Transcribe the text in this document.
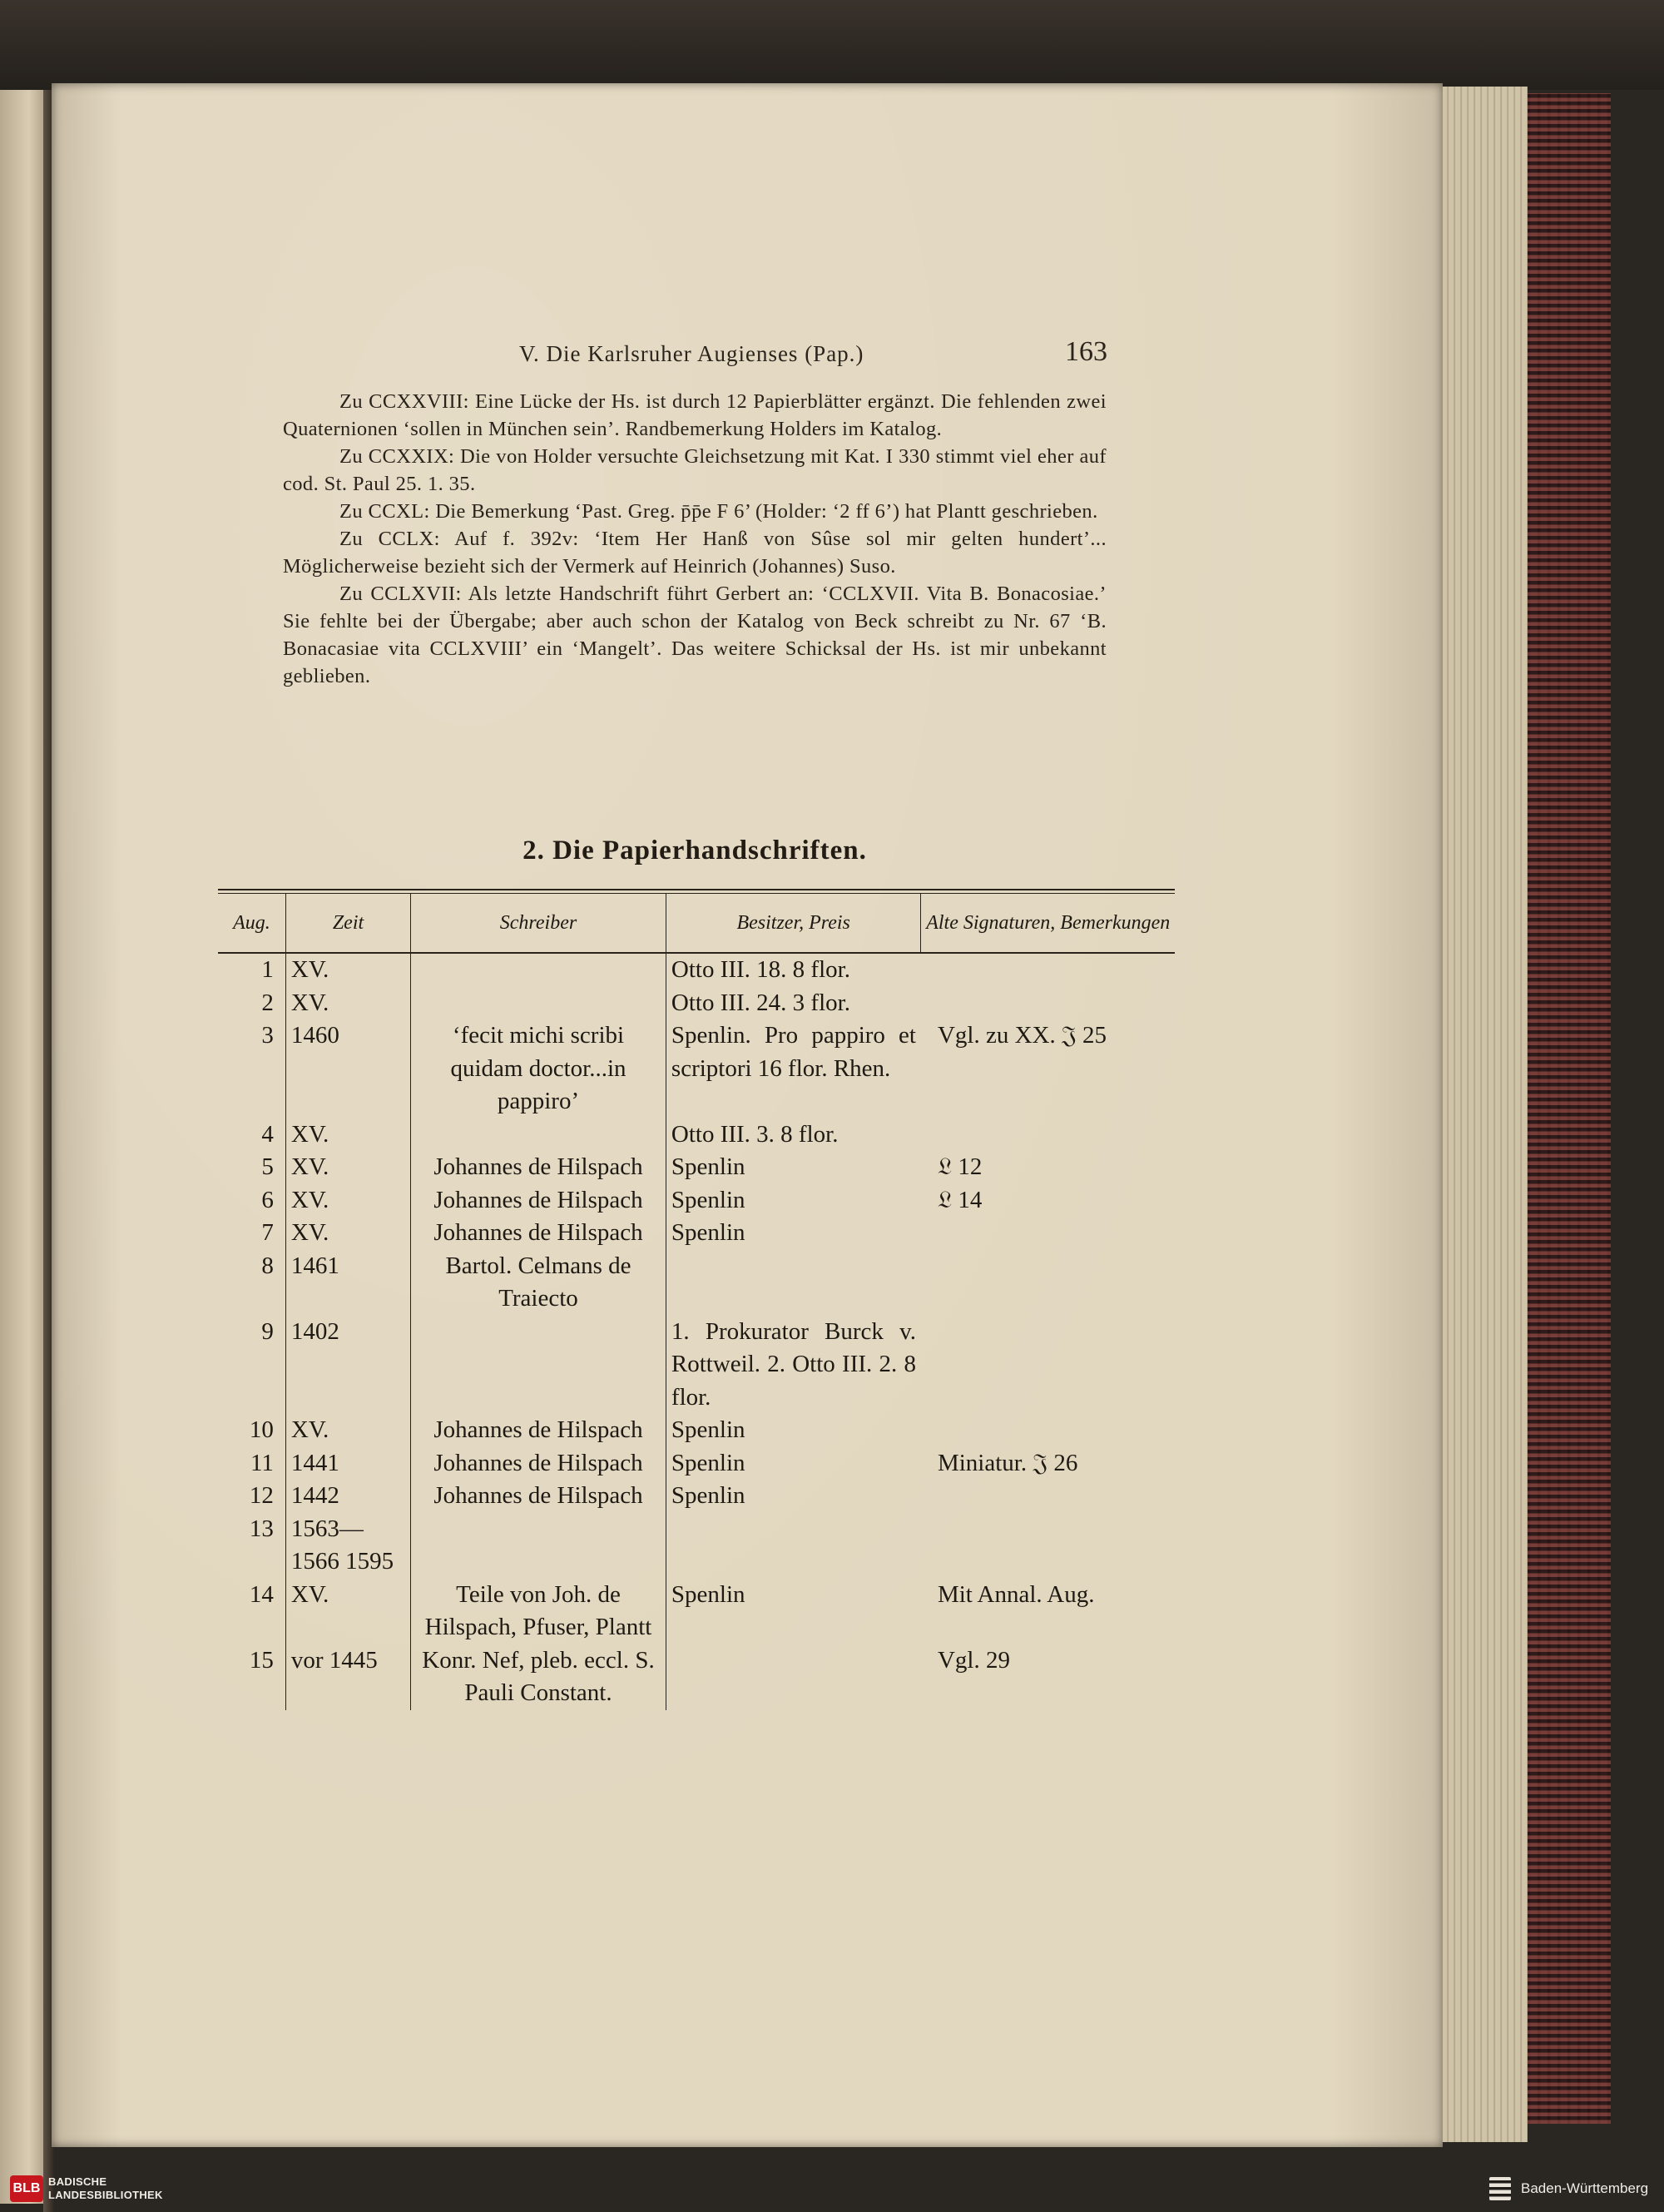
V. Die Karlsruher Augienses (Pap.)	163

Zu CCXXVIII: Eine Lücke der Hs. ist durch 12 Papierblätter ergänzt. Die fehlenden zwei Quaternionen ‘sollen in München sein’. Randbemerkung Holders im Katalog.

Zu CCXXIX: Die von Holder versuchte Gleichsetzung mit Kat. I 330 stimmt viel eher auf cod. St. Paul 25. 1. 35.

Zu CCXL: Die Bemerkung ‘Past. Greg. p̄p̄e F 6’ (Holder: ‘2 ff 6’) hat Plantt geschrieben.

Zu CCLX: Auf f. 392v: ‘Item Her Hanß von Sûse sol mir gelten hundert’... Möglicherweise bezieht sich der Vermerk auf Heinrich (Johannes) Suso.

Zu CCLXVII: Als letzte Handschrift führt Gerbert an: ‘CCLXVII. Vita B. Bonacosiae.’ Sie fehlte bei der Übergabe; aber auch schon der Katalog von Beck schreibt zu Nr. 67 ‘B. Bonacasiae vita CCLXVIII’ ein ‘Mangelt’. Das weitere Schicksal der Hs. ist mir unbekannt geblieben.

2. Die Papierhandschriften.
Aug.	Zeit	Schreiber	Besitzer, Preis	Alte Signaturen, Bemerkungen
1	XV.		Otto III. 18. 8 flor.	

2	XV.		Otto III. 24. 3 flor.	

3	1460	‘fecit michi scribi quidam doctor...in pappiro’	Spenlin. Pro pappiro et scriptori 16 flor. Rhen.	Vgl. zu XX. 𝔍 25
4	XV.		Otto III. 3. 8 flor.	

5	XV.	Johannes de Hilspach	Spenlin	𝔏 12
6	XV.	Johannes de Hilspach	Spenlin	𝔏 14
7	XV.	Johannes de Hilspach	Spenlin	

8	1461	Bartol. Celmans de Traiecto		

9	1402		1. Prokurator Burck v. Rottweil. 2. Otto III. 2. 8 flor.	

10	XV.	Johannes de Hilspach	Spenlin	

11	1441	Johannes de Hilspach	Spenlin	Miniatur. 𝔍 26
12	1442	Johannes de Hilspach	Spenlin	

13	1563—1566 1595	

14	XV.	Teile von Joh. de Hilspach, Pfuser, Plantt	Spenlin	Mit Annal. Aug.
15	vor 1445	Konr. Nef, pleb. eccl. S. Pauli Constant.		Vgl. 29
BLB BADISCHE
LANDESBIBLIOTHEK	Baden-Württemberg
